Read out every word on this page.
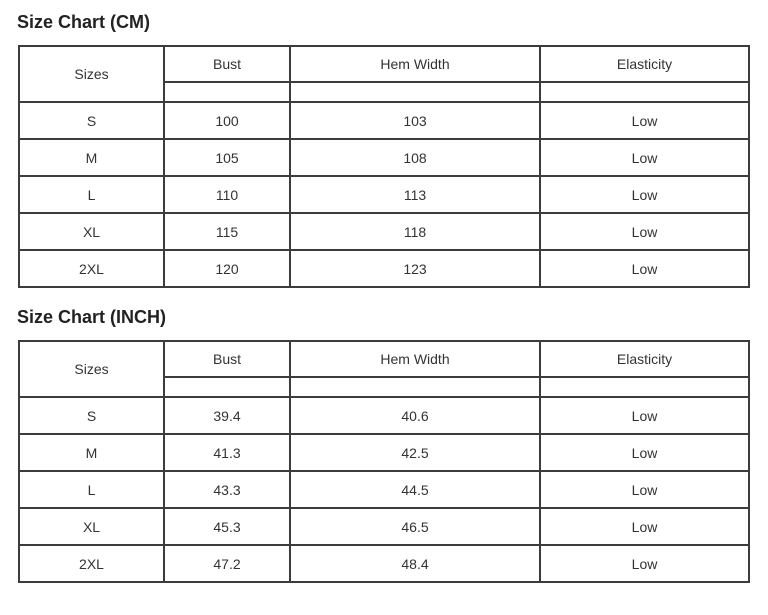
Size Chart (CM)
Sizes	Bust	Hem Width	Elasticity

S	100	103	Low
M	105	108	Low
L	110	113	Low
XL	115	118	Low
2XL	120	123	Low
Size Chart (INCH)
Sizes	Bust	Hem Width	Elasticity

S	39.4	40.6	Low
M	41.3	42.5	Low
L	43.3	44.5	Low
XL	45.3	46.5	Low
2XL	47.2	48.4	Low
